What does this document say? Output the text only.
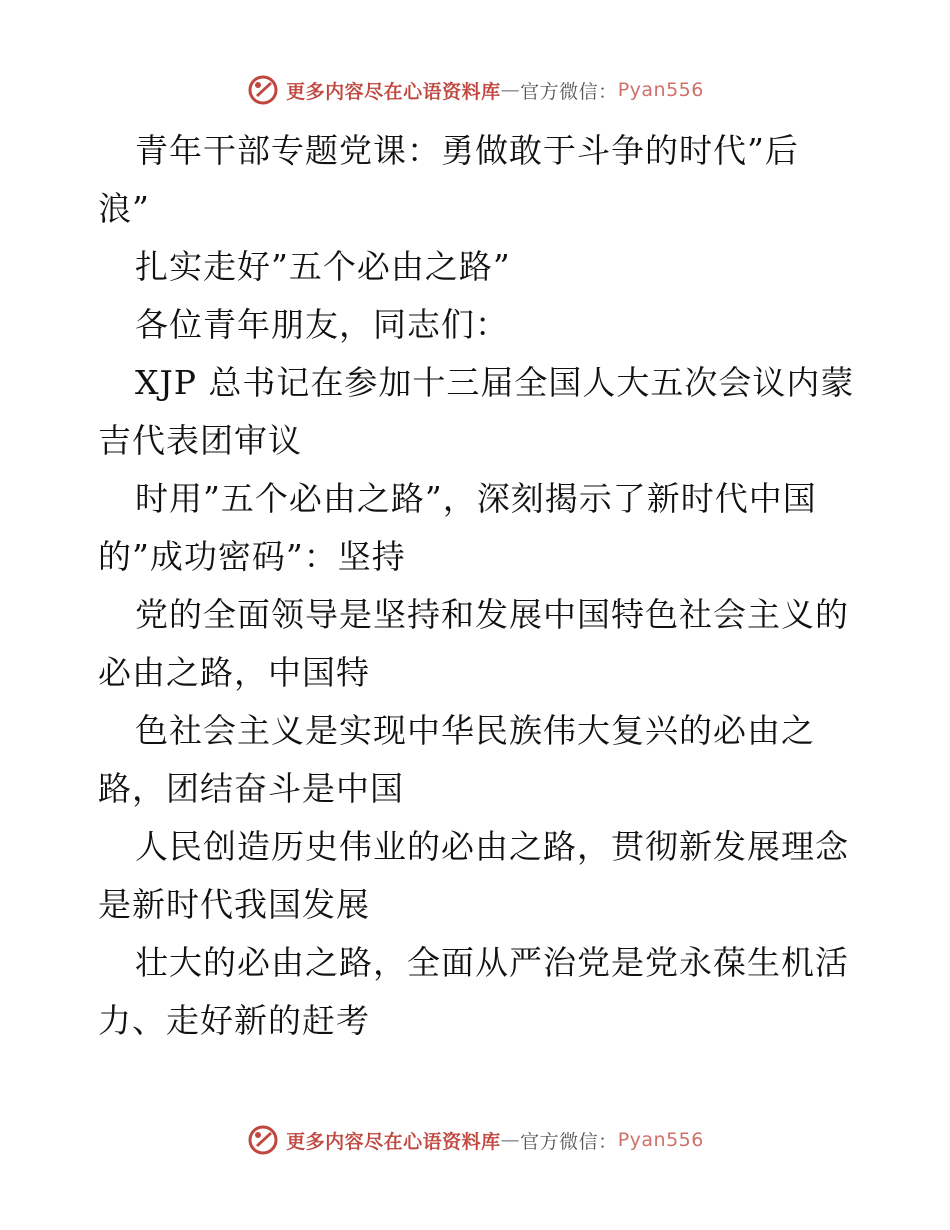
更多内容尽在心语资料库 — 官方微信： Pyan556
青年干部专题党课：勇做敢于斗争的时代”后
浪”
扎实走好”五个必由之路”
各位青年朋友，同志们：
XJP 总书记在参加十三届全国人大五次会议内蒙
吉代表团审议
时用”五个必由之路”，深刻揭示了新时代中国
的”成功密码”：坚持
党的全面领导是坚持和发展中国特色社会主义的
必由之路，中国特
色社会主义是实现中华民族伟大复兴的必由之
路，团结奋斗是中国
人民创造历史伟业的必由之路，贯彻新发展理念
是新时代我国发展
壮大的必由之路，全面从严治党是党永葆生机活
力、走好新的赶考
更多内容尽在心语资料库 — 官方微信： Pyan556
